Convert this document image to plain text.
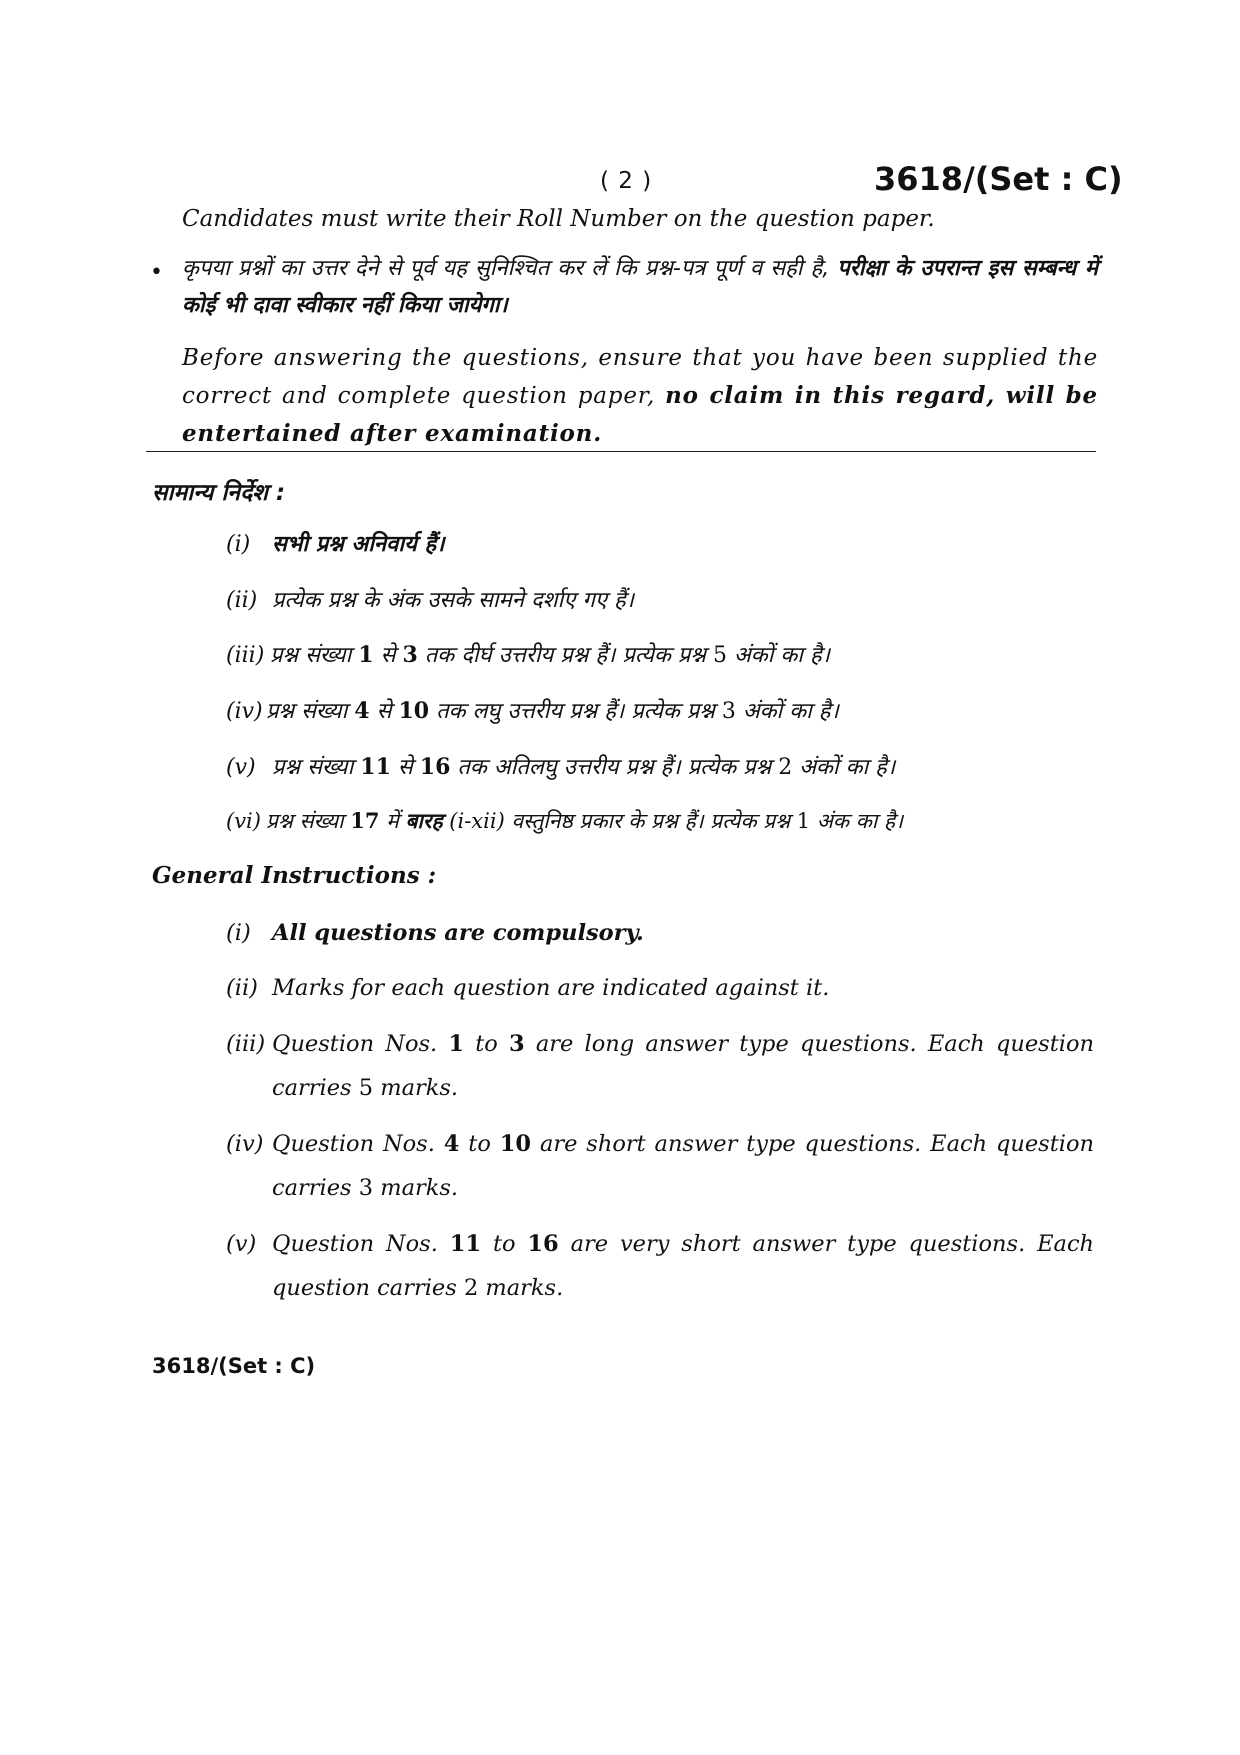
( 2 )	3618/(Set : C)
Candidates must write their Roll Number on the question paper.
• कृपया प्रश्नों का उत्तर देने से पूर्व यह सुनिश्चित कर लें कि प्रश्न-पत्र पूर्ण व सही है, परीक्षा के उपरान्त इस सम्बन्ध में कोई भी दावा स्वीकार नहीं किया जायेगा।
Before answering the questions, ensure that you have been supplied the correct and complete question paper, no claim in this regard, will be entertained after examination.
सामान्य निर्देश :
(i) सभी प्रश्न अनिवार्य हैं।
(ii) प्रत्येक प्रश्न के अंक उसके सामने दर्शाए गए हैं।
(iii) प्रश्न संख्या 1 से 3 तक दीर्घ उत्तरीय प्रश्न हैं। प्रत्येक प्रश्न 5 अंकों का है।
(iv) प्रश्न संख्या 4 से 10 तक लघु उत्तरीय प्रश्न हैं। प्रत्येक प्रश्न 3 अंकों का है।
(v) प्रश्न संख्या 11 से 16 तक अतिलघु उत्तरीय प्रश्न हैं। प्रत्येक प्रश्न 2 अंकों का है।
(vi) प्रश्न संख्या 17 में बारह (i-xii) वस्तुनिष्ठ प्रकार के प्रश्न हैं। प्रत्येक प्रश्न 1 अंक का है।
General Instructions :
(i) All questions are compulsory.
(ii) Marks for each question are indicated against it.
(iii) Question Nos. 1 to 3 are long answer type questions. Each question carries 5 marks.
(iv) Question Nos. 4 to 10 are short answer type questions. Each question carries 3 marks.
(v) Question Nos. 11 to 16 are very short answer type questions. Each question carries 2 marks.
3618/(Set : C)
